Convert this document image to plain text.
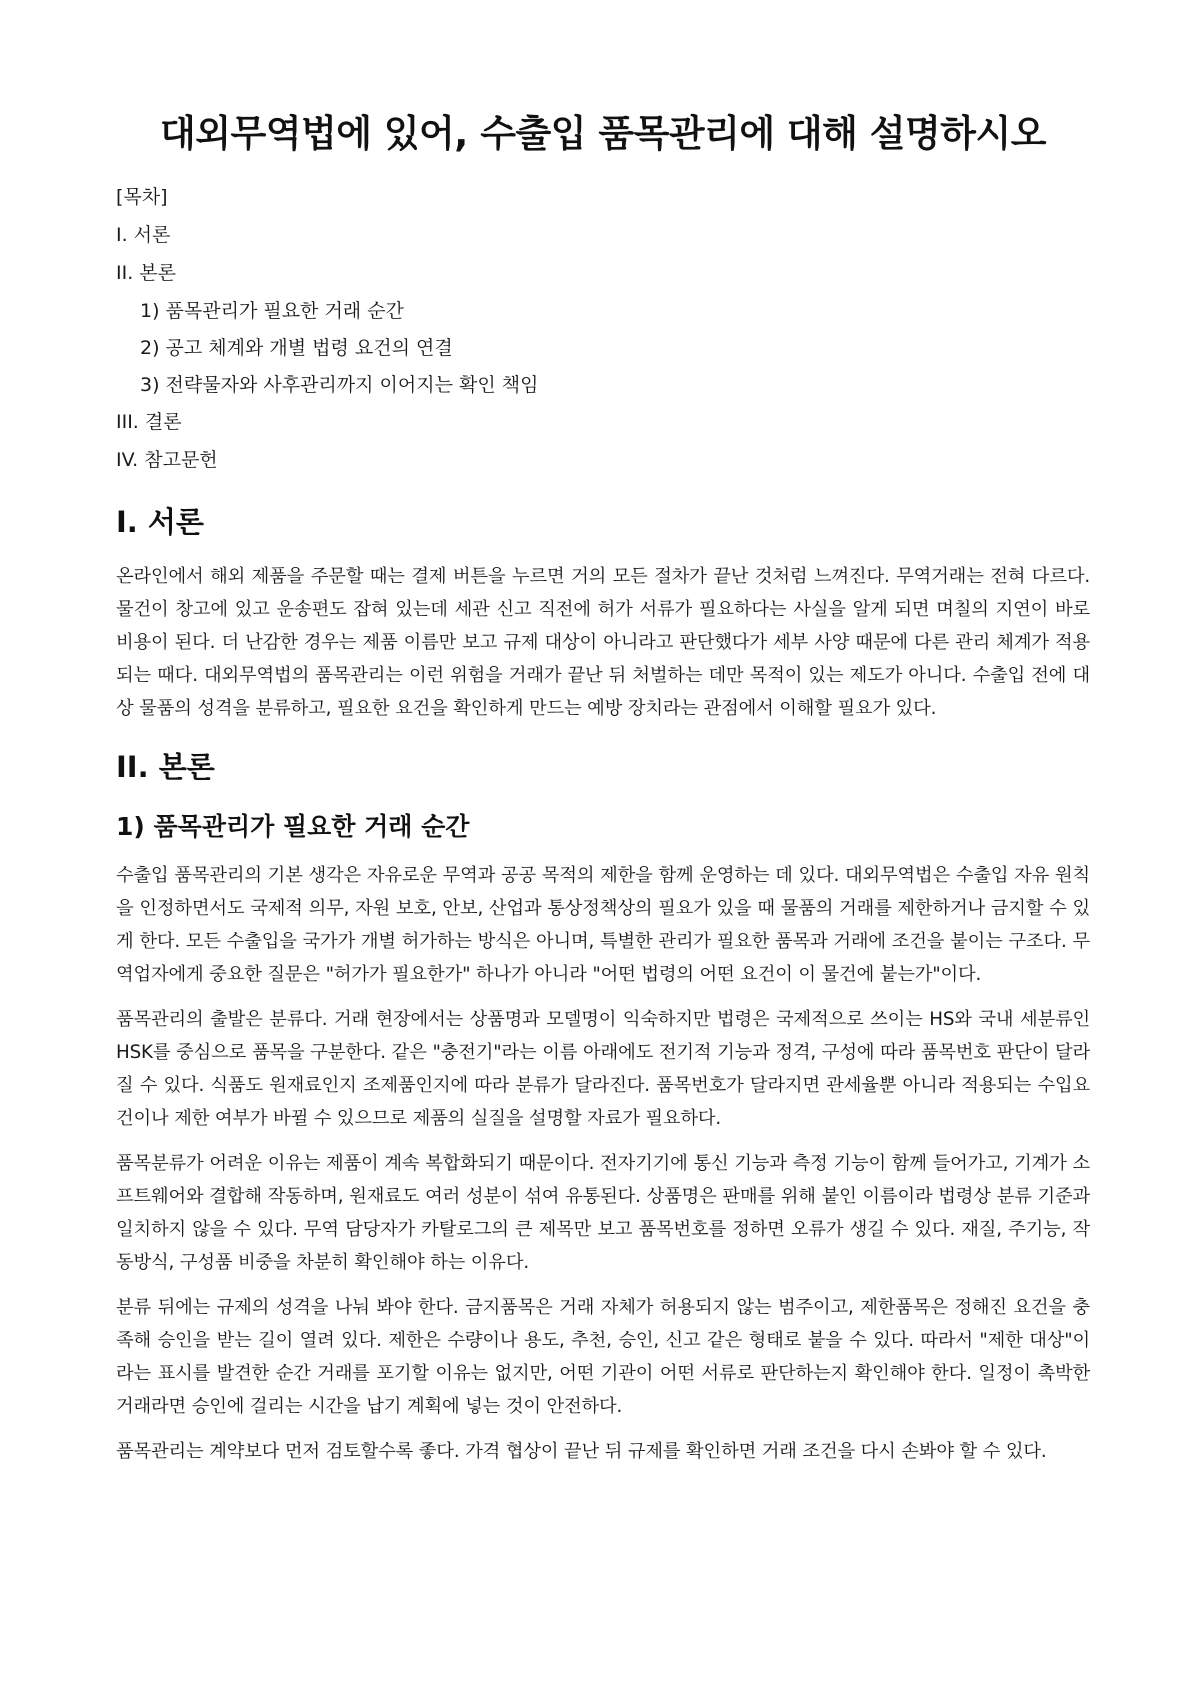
대외무역법에 있어, 수출입 품목관리에 대해 설명하시오
[목차]
I. 서론
II. 본론
1) 품목관리가 필요한 거래 순간
2) 공고 체계와 개별 법령 요건의 연결
3) 전략물자와 사후관리까지 이어지는 확인 책임
III. 결론
IV. 참고문헌
I. 서론

온라인에서 해외 제품을 주문할 때는 결제 버튼을 누르면 거의 모든 절차가 끝난 것처럼 느껴진다. 무역거래는 전혀 다르다. 물건이 창고에 있고 운송편도 잡혀 있는데 세관 신고 직전에 허가 서류가 필요하다는 사실을 알게 되면 며칠의 지연이 바로 비용이 된다. 더 난감한 경우는 제품 이름만 보고 규제 대상이 아니라고 판단했다가 세부 사양 때문에 다른 관리 체계가 적용되는 때다. 대외무역법의 품목관리는 이런 위험을 거래가 끝난 뒤 처벌하는 데만 목적이 있는 제도가 아니다. 수출입 전에 대상 물품의 성격을 분류하고, 필요한 요건을 확인하게 만드는 예방 장치라는 관점에서 이해할 필요가 있다.

II. 본론
1) 품목관리가 필요한 거래 순간

수출입 품목관리의 기본 생각은 자유로운 무역과 공공 목적의 제한을 함께 운영하는 데 있다. 대외무역법은 수출입 자유 원칙을 인정하면서도 국제적 의무, 자원 보호, 안보, 산업과 통상정책상의 필요가 있을 때 물품의 거래를 제한하거나 금지할 수 있게 한다. 모든 수출입을 국가가 개별 허가하는 방식은 아니며, 특별한 관리가 필요한 품목과 거래에 조건을 붙이는 구조다. 무역업자에게 중요한 질문은 "허가가 필요한가" 하나가 아니라 "어떤 법령의 어떤 요건이 이 물건에 붙는가"이다.

품목관리의 출발은 분류다. 거래 현장에서는 상품명과 모델명이 익숙하지만 법령은 국제적으로 쓰이는 HS와 국내 세분류인 HSK를 중심으로 품목을 구분한다. 같은 "충전기"라는 이름 아래에도 전기적 기능과 정격, 구성에 따라 품목번호 판단이 달라질 수 있다. 식품도 원재료인지 조제품인지에 따라 분류가 달라진다. 품목번호가 달라지면 관세율뿐 아니라 적용되는 수입요건이나 제한 여부가 바뀔 수 있으므로 제품의 실질을 설명할 자료가 필요하다.

품목분류가 어려운 이유는 제품이 계속 복합화되기 때문이다. 전자기기에 통신 기능과 측정 기능이 함께 들어가고, 기계가 소프트웨어와 결합해 작동하며, 원재료도 여러 성분이 섞여 유통된다. 상품명은 판매를 위해 붙인 이름이라 법령상 분류 기준과 일치하지 않을 수 있다. 무역 담당자가 카탈로그의 큰 제목만 보고 품목번호를 정하면 오류가 생길 수 있다. 재질, 주기능, 작동방식, 구성품 비중을 차분히 확인해야 하는 이유다.

분류 뒤에는 규제의 성격을 나눠 봐야 한다. 금지품목은 거래 자체가 허용되지 않는 범주이고, 제한품목은 정해진 요건을 충족해 승인을 받는 길이 열려 있다. 제한은 수량이나 용도, 추천, 승인, 신고 같은 형태로 붙을 수 있다. 따라서 "제한 대상"이라는 표시를 발견한 순간 거래를 포기할 이유는 없지만, 어떤 기관이 어떤 서류로 판단하는지 확인해야 한다. 일정이 촉박한 거래라면 승인에 걸리는 시간을 납기 계획에 넣는 것이 안전하다.

품목관리는 계약보다 먼저 검토할수록 좋다. 가격 협상이 끝난 뒤 규제를 확인하면 거래 조건을 다시 손봐야 할 수 있다.
